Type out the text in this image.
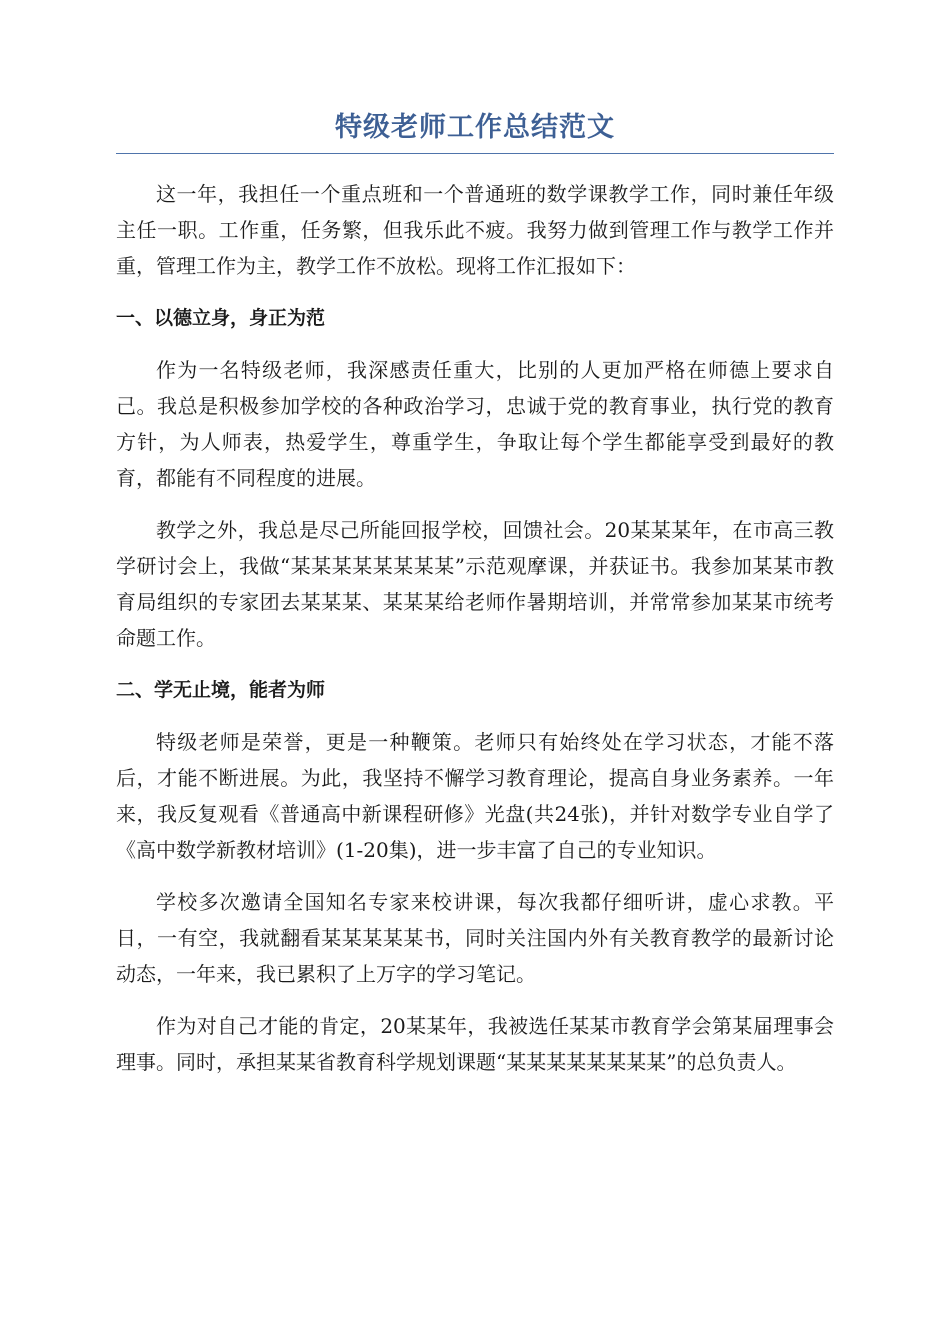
特级老师工作总结范文

这一年，我担任一个重点班和一个普通班的数学课教学工作，同时兼任年级主任一职。工作重，任务繁，但我乐此不疲。我努力做到管理工作与教学工作并重，管理工作为主，教学工作不放松。现将工作汇报如下：

一、以德立身，身正为范

作为一名特级老师，我深感责任重大，比别的人更加严格在师德上要求自己。我总是积极参加学校的各种政治学习，忠诚于党的教育事业，执行党的教育方针，为人师表，热爱学生，尊重学生，争取让每个学生都能享受到最好的教育，都能有不同程度的进展。

教学之外，我总是尽己所能回报学校，回馈社会。20某某某年，在市高三教学研讨会上，我做“某某某某某某某某”示范观摩课，并获证书。我参加某某市教育局组织的专家团去某某某、某某某给老师作暑期培训，并常常参加某某市统考命题工作。

二、学无止境，能者为师

特级老师是荣誉，更是一种鞭策。老师只有始终处在学习状态，才能不落后，才能不断进展。为此，我坚持不懈学习教育理论，提高自身业务素养。一年来，我反复观看《普通高中新课程研修》光盘(共24张)，并针对数学专业自学了《高中数学新教材培训》(1-20集)，进一步丰富了自己的专业知识。

学校多次邀请全国知名专家来校讲课，每次我都仔细听讲，虚心求教。平日，一有空，我就翻看某某某某某书，同时关注国内外有关教育教学的最新讨论动态，一年来，我已累积了上万字的学习笔记。

作为对自己才能的肯定，20某某年，我被选任某某市教育学会第某届理事会理事。同时，承担某某省教育科学规划课题“某某某某某某某某”的总负责人。
